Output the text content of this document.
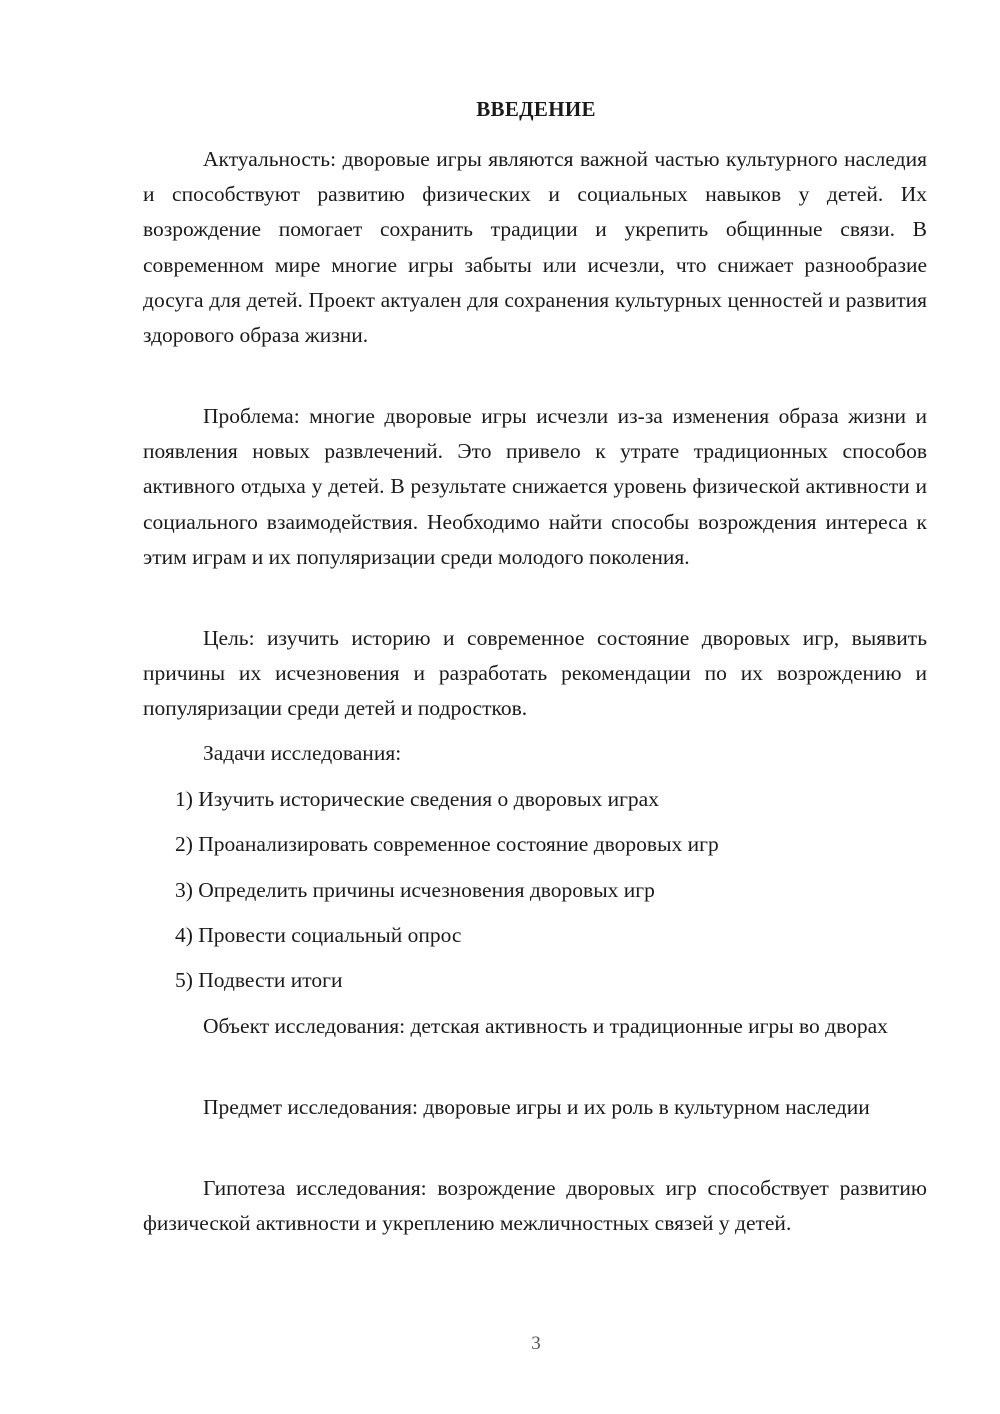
ВВЕДЕНИЕ

Актуальность: дворовые игры являются важной частью культурного наследия и способствуют развитию физических и социальных навыков у детей. Их возрождение помогает сохранить традиции и укрепить общинные связи. В современном мире многие игры забыты или исчезли, что снижает разнообразие досуга для детей. Проект актуален для сохранения культурных ценностей и развития здорового образа жизни.

Проблема: многие дворовые игры исчезли из-за изменения образа жизни и появления новых развлечений. Это привело к утрате традиционных способов активного отдыха у детей. В результате снижается уровень физической активности и социального взаимодействия. Необходимо найти способы возрождения интереса к этим играм и их популяризации среди молодого поколения.

Цель: изучить историю и современное состояние дворовых игр, выявить причины их исчезновения и разработать рекомендации по их возрождению и популяризации среди детей и подростков.

Задачи исследования:

1) Изучить исторические сведения о дворовых играх

2) Проанализировать современное состояние дворовых игр

3) Определить причины исчезновения дворовых игр

4) Провести социальный опрос

5) Подвести итоги

Объект исследования: детская активность и традиционные игры во дворах

Предмет исследования: дворовые игры и их роль в культурном наследии

Гипотеза исследования: возрождение дворовых игр способствует развитию физической активности и укреплению межличностных связей у детей.

3
